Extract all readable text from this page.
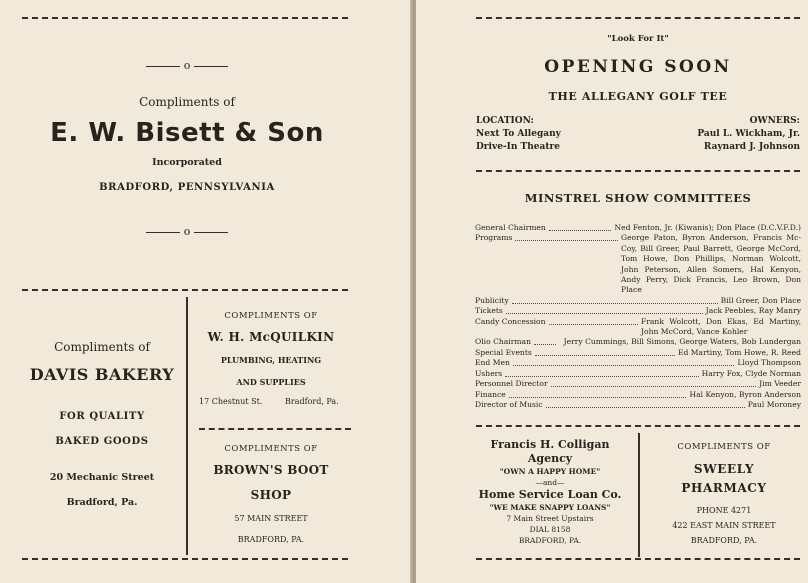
o
Compliments of
E. W. Bisett & Son
Incorporated
BRADFORD, PENNSYLVANIA
o
Compliments of
DAVIS BAKERY
FOR QUALITY
BAKED GOODS
20 Mechanic Street
Bradford, Pa.
COMPLIMENTS OF
W. H. McQUILKIN
PLUMBING, HEATING
AND SUPPLIES
17 Chestnut St.	Bradford, Pa.
COMPLIMENTS OF
BROWN'S BOOT
SHOP
57 MAIN STREET
BRADFORD, PA.
"Look For It"
OPENING SOON
THE ALLEGANY GOLF TEE
LOCATION:
Next To Allegany
Drive-In Theatre
OWNERS:
Paul L. Wickham, Jr.
Raynard J. Johnson
MINSTREL SHOW COMMITTEES
General Chairmen	Ned Fenton, Jr. (Kiwanis); Don Place (D.C.V.F.D.)
Programs	George Paton, Byron Anderson, Francis Mc-Coy, Bill Greer, Paul Barrett, George McCord, Tom Howe, Don Phillips, Norman Wolcott, John Peterson, Allen Somers, Hal Kenyon, Andy Perry, Dick Francis, Leo Brown, Don Place
Publicity	Bill Greer, Don Place
Tickets	Jack Peebles, Ray Manry
Candy Concession	Frank Wolcott, Don Ekas, Ed Martiny, John McCord, Vance Kohler
Olio Chairman	Jerry Cummings, Bill Simons, George Waters, Bob Lundergan
Special Events	Ed Martiny, Tom Howe, R. Reed
End Men	Lloyd Thompson
Ushers	Harry Fox, Clyde Norman
Personnel Director	Jim Veeder
Finance	Hal Kenyon, Byron Anderson
Director of Music	Paul Moroney
Francis H. Colligan
Agency
"OWN A HAPPY HOME"
—and—
Home Service Loan Co.
"WE MAKE SNAPPY LOANS"
7 Main Street Upstairs
DIAL 8158
BRADFORD, PA.
COMPLIMENTS OF
SWEELY
PHARMACY
PHONE 4271
422 EAST MAIN STREET
BRADFORD, PA.
